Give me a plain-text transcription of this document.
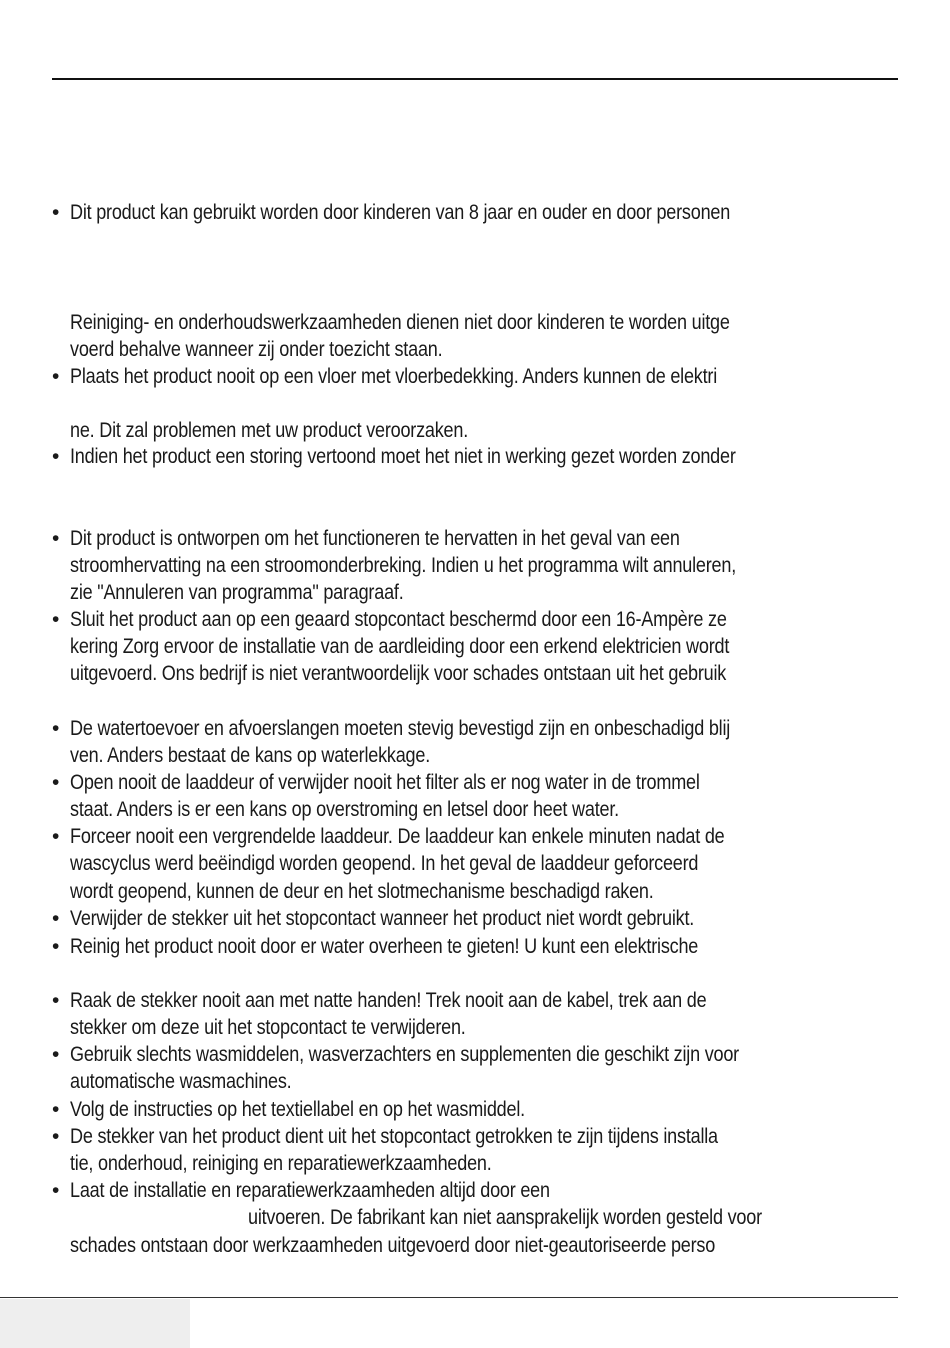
•
•
•
•
•
•
•
•
•
•
•
•
•
•
•
Dit product kan gebruikt worden door kinderen van 8 jaar en ouder en door personen
Reiniging- en onderhoudswerkzaamheden dienen niet door kinderen te worden uitge
voerd behalve wanneer zij onder toezicht staan.
Plaats het product nooit op een vloer met vloerbedekking. Anders kunnen de elektri
ne. Dit zal problemen met uw product veroorzaken.
Indien het product een storing vertoond moet het niet in werking gezet worden zonder
Dit product is ontworpen om het functioneren te hervatten in het geval van een
stroomhervatting na een stroomonderbreking. Indien u het programma wilt annuleren,
zie "Annuleren van programma" paragraaf.
Sluit het product aan op een geaard stopcontact beschermd door een 16-Ampère ze
kering Zorg ervoor de installatie van de aardleiding door een erkend elektricien wordt
uitgevoerd. Ons bedrijf is niet verantwoordelijk voor schades ontstaan uit het gebruik
De watertoevoer en afvoerslangen moeten stevig bevestigd zijn en onbeschadigd blij
ven. Anders bestaat de kans op waterlekkage.
Open nooit de laaddeur of verwijder nooit het filter als er nog water in de trommel
staat. Anders is er een kans op overstroming en letsel door heet water.
Forceer nooit een vergrendelde laaddeur. De laaddeur kan enkele minuten nadat de
wascyclus werd beëindigd worden geopend. In het geval de laaddeur geforceerd
wordt geopend, kunnen de deur en het slotmechanisme beschadigd raken.
Verwijder de stekker uit het stopcontact wanneer het product niet wordt gebruikt.
Reinig het product nooit door er water overheen te gieten! U kunt een elektrische
Raak de stekker nooit aan met natte handen! Trek nooit aan de kabel, trek aan de
stekker om deze uit het stopcontact te verwijderen.
Gebruik slechts wasmiddelen, wasverzachters en supplementen die geschikt zijn voor
automatische wasmachines.
Volg de instructies op het textiellabel en op het wasmiddel.
De stekker van het product dient uit het stopcontact getrokken te zijn tijdens installa
tie, onderhoud, reiniging en reparatiewerkzaamheden.
Laat de installatie en reparatiewerkzaamheden altijd door een
uitvoeren. De fabrikant kan niet aansprakelijk worden gesteld voor
schades ontstaan door werkzaamheden uitgevoerd door niet-geautoriseerde perso
